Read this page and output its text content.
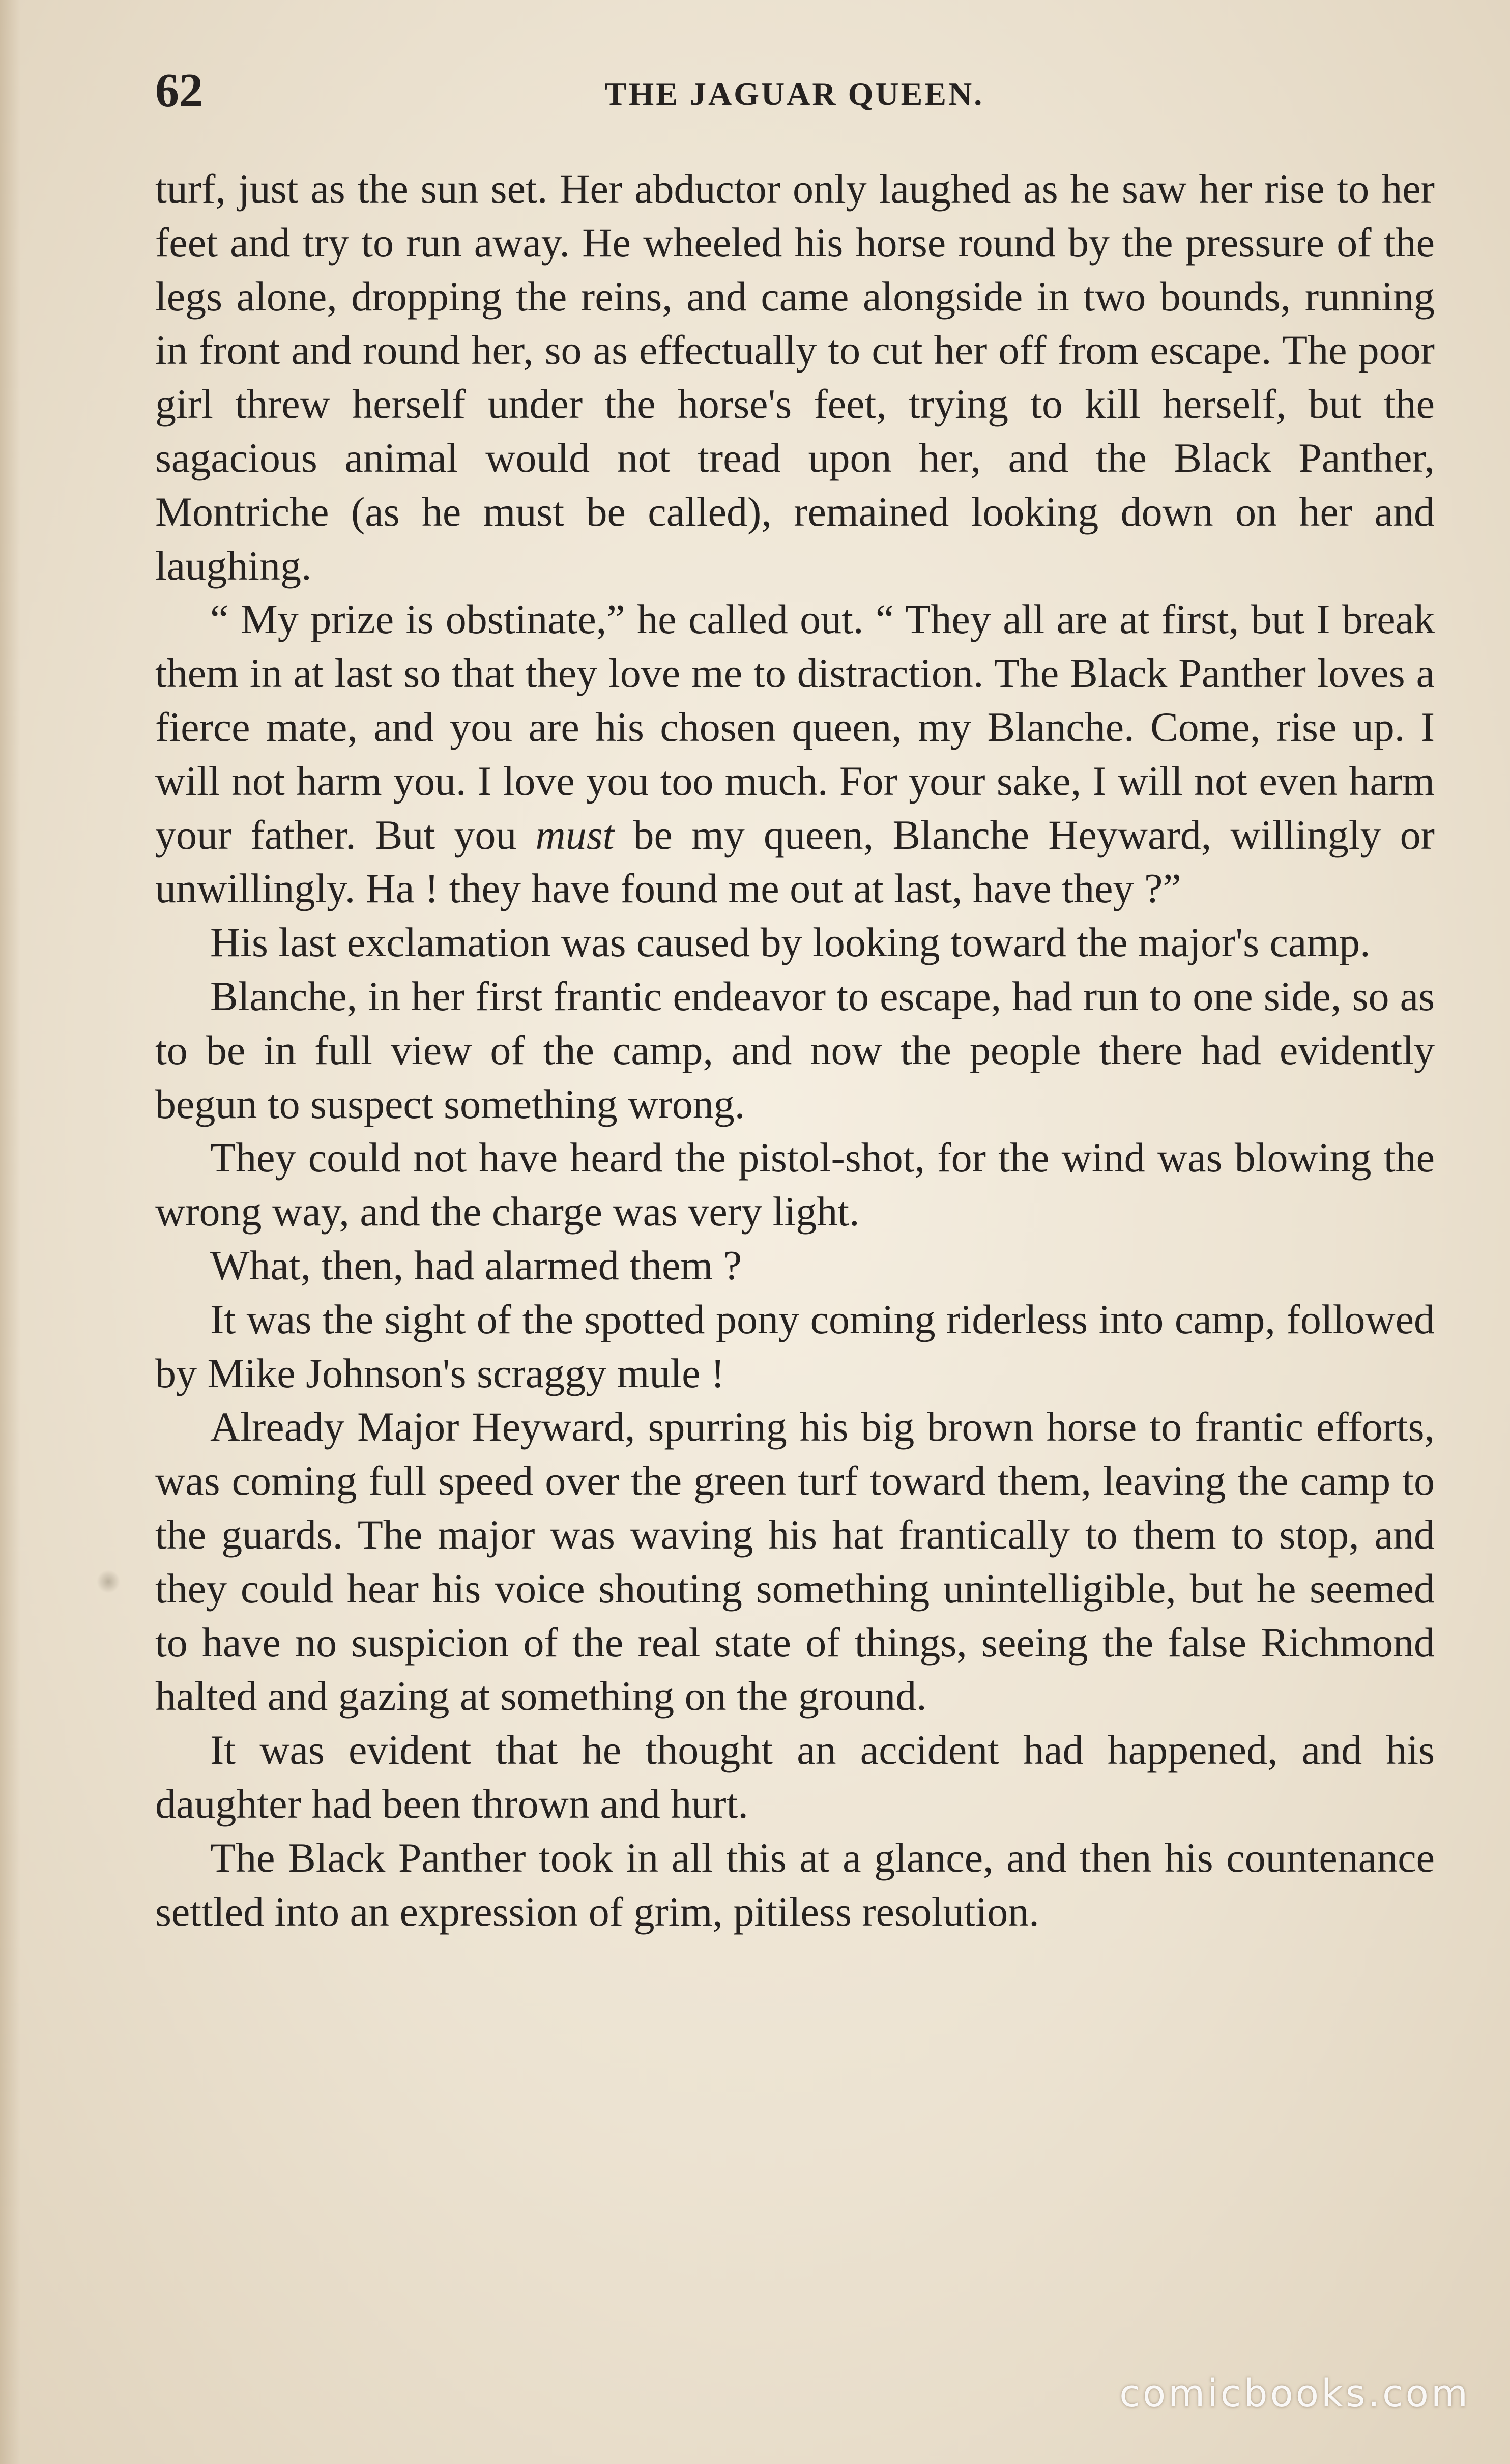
62	THE JAGUAR QUEEN.

turf, just as the sun set. Her abductor only laughed as he saw her rise to her feet and try to run away. He wheeled his horse round by the pressure of the legs alone, dropping the reins, and came alongside in two bounds, running in front and round her, so as effectually to cut her off from escape. The poor girl threw herself under the horse's feet, trying to kill herself, but the sagacious animal would not tread upon her, and the Black Panther, Montriche (as he must be called), remained looking down on her and laughing.

“ My prize is obstinate,” he called out. “ They all are at first, but I break them in at last so that they love me to distraction. The Black Panther loves a fierce mate, and you are his chosen queen, my Blanche. Come, rise up. I will not harm you. I love you too much. For your sake, I will not even harm your father. But you must be my queen, Blanche Heyward, willingly or unwillingly. Ha ! they have found me out at last, have they ?”

His last exclamation was caused by looking toward the major's camp.

Blanche, in her first frantic endeavor to escape, had run to one side, so as to be in full view of the camp, and now the people there had evidently begun to suspect something wrong.

They could not have heard the pistol-shot, for the wind was blowing the wrong way, and the charge was very light.

What, then, had alarmed them ?

It was the sight of the spotted pony coming riderless into camp, followed by Mike Johnson's scraggy mule !

Already Major Heyward, spurring his big brown horse to frantic efforts, was coming full speed over the green turf toward them, leaving the camp to the guards. The major was waving his hat frantically to them to stop, and they could hear his voice shouting something unintelligible, but he seemed to have no suspicion of the real state of things, seeing the false Richmond halted and gazing at something on the ground.

It was evident that he thought an accident had happened, and his daughter had been thrown and hurt.

The Black Panther took in all this at a glance, and then his countenance settled into an expression of grim, pitiless resolution.

comicbooks.com
